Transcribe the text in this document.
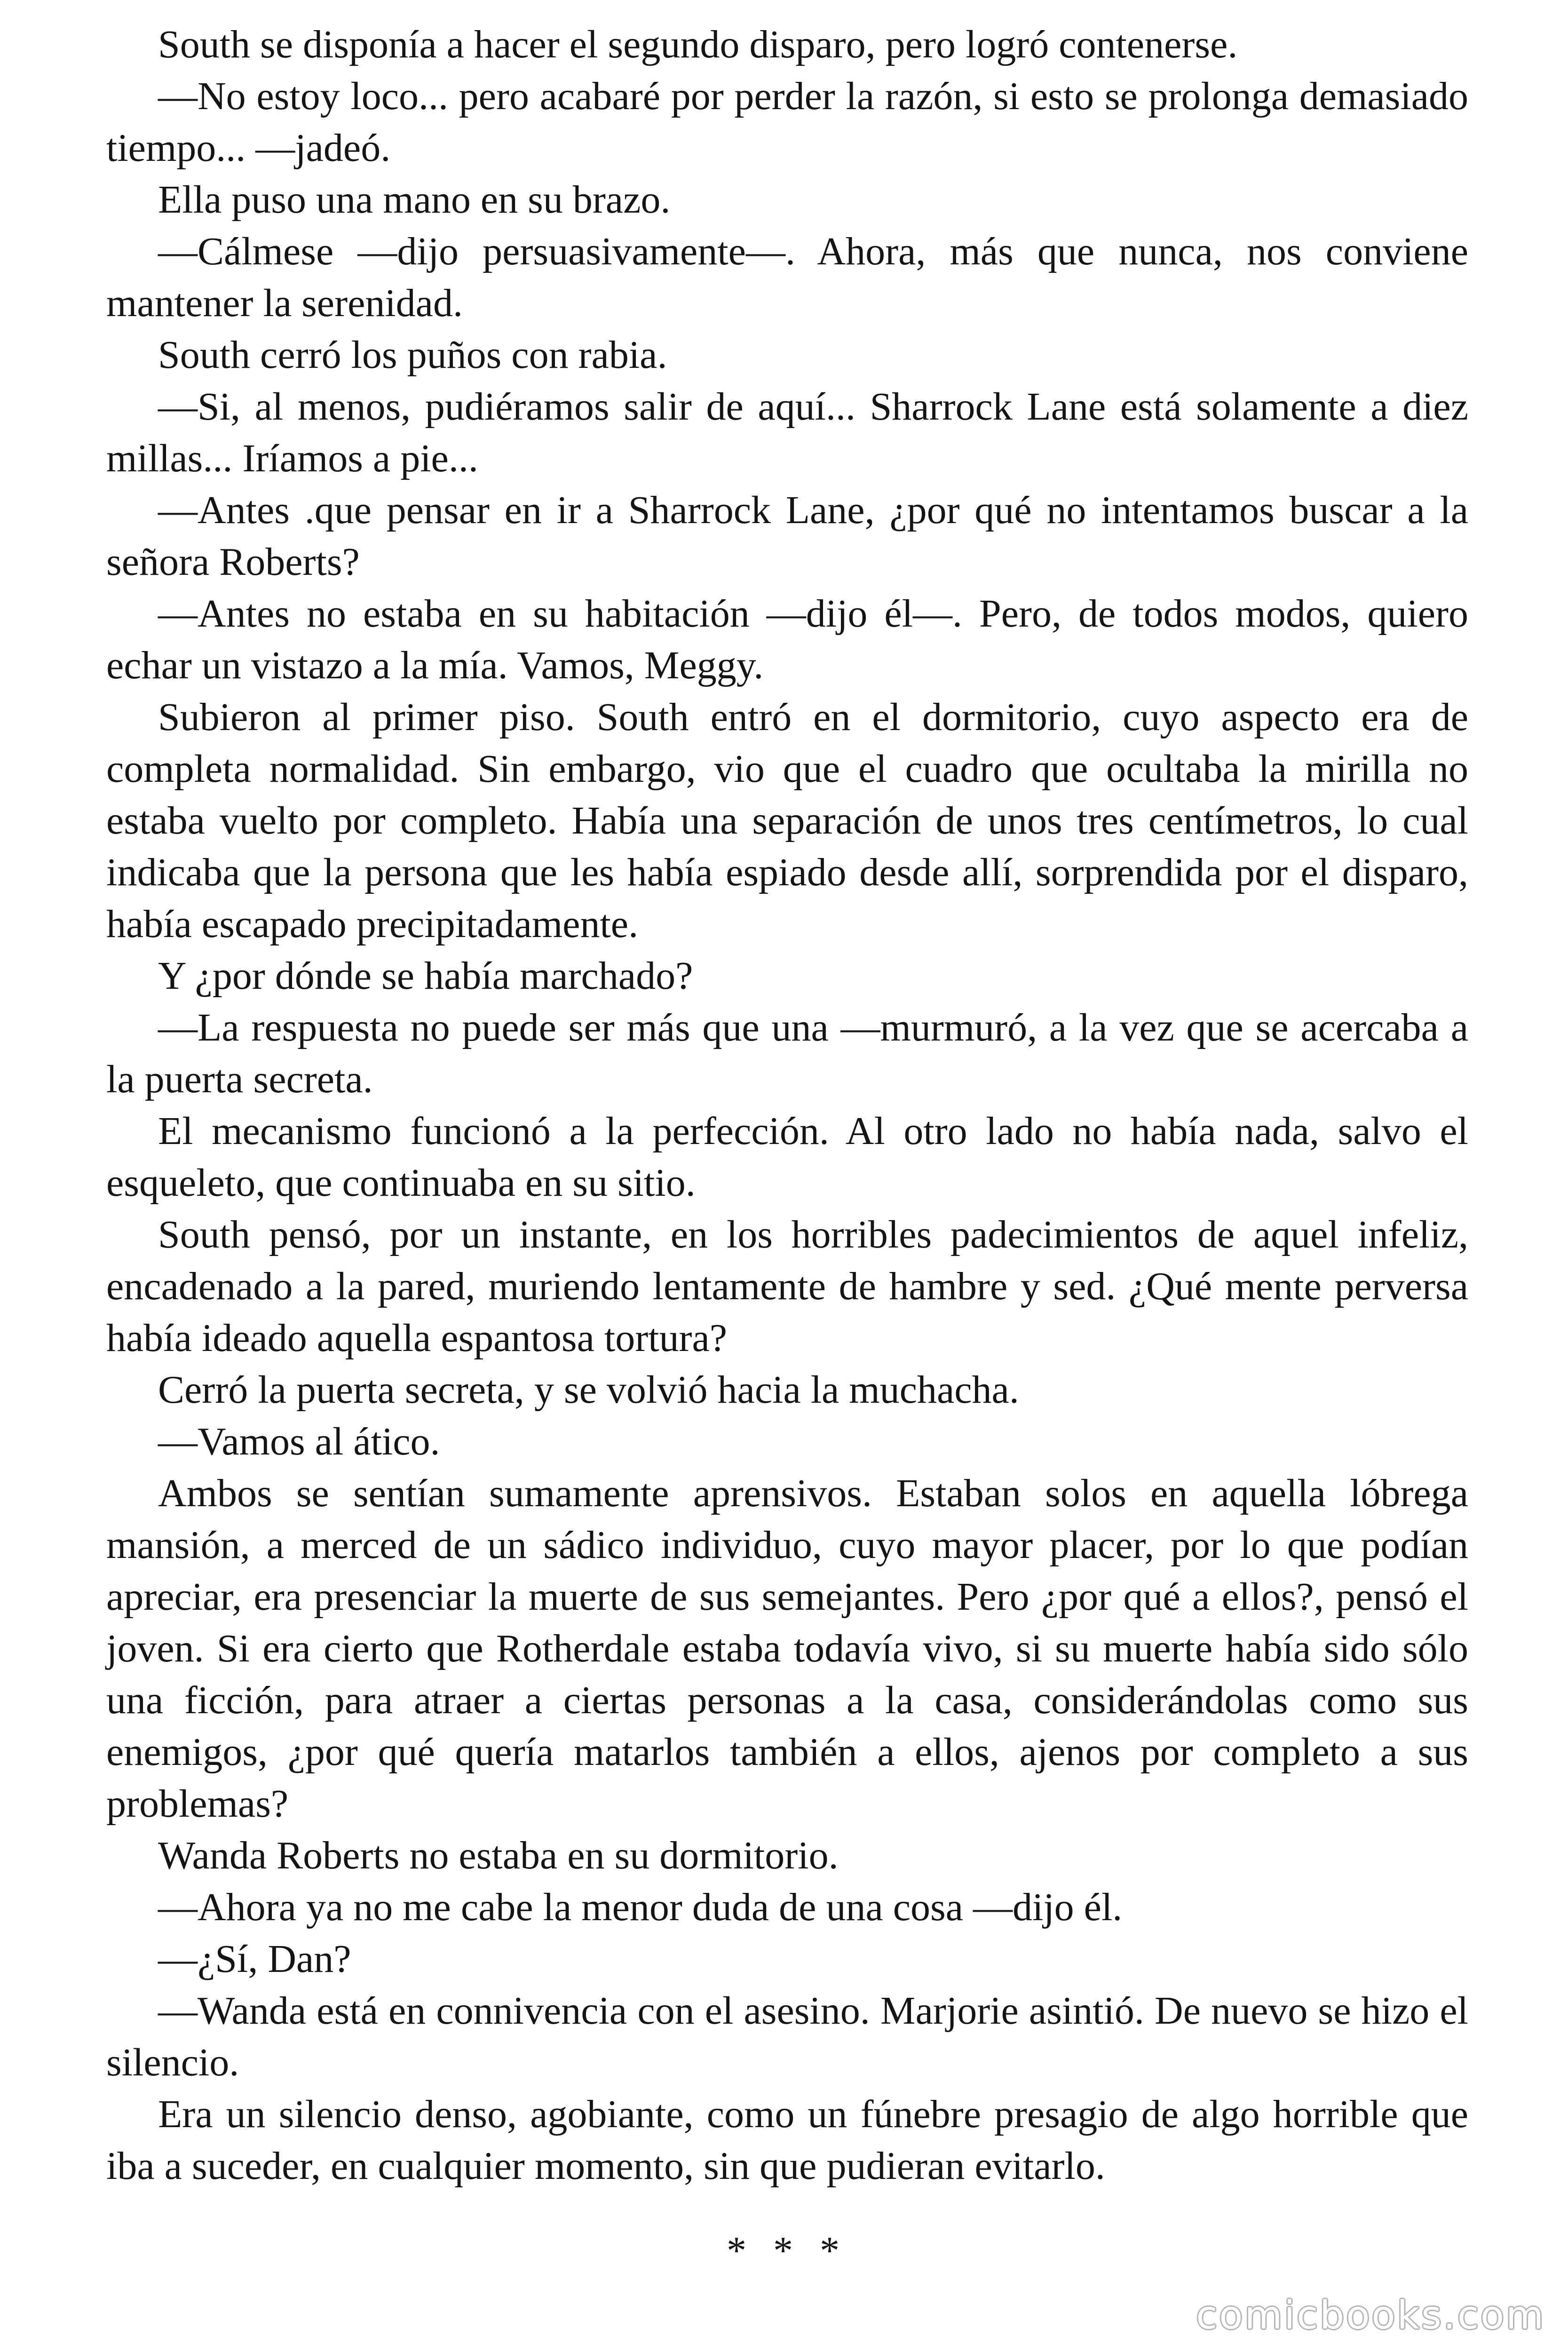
South se disponía a hacer el segundo disparo, pero logró contenerse.

—No estoy loco... pero acabaré por perder la razón, si esto se prolonga demasiado tiempo... —jadeó.

Ella puso una mano en su brazo.

—Cálmese —dijo persuasivamente—. Ahora, más que nunca, nos conviene mantener la serenidad.

South cerró los puños con rabia.

—Si, al menos, pudiéramos salir de aquí... Sharrock Lane está solamente a diez millas... Iríamos a pie...

—Antes .que pensar en ir a Sharrock Lane, ¿por qué no intentamos buscar a la señora Roberts?

—Antes no estaba en su habitación —dijo él—. Pero, de todos modos, quiero echar un vistazo a la mía. Vamos, Meggy.

Subieron al primer piso. South entró en el dormitorio, cuyo aspecto era de completa normalidad. Sin embargo, vio que el cuadro que ocultaba la mirilla no estaba vuelto por completo. Había una separación de unos tres centímetros, lo cual indicaba que la persona que les había espiado desde allí, sorprendida por el disparo, había escapado precipitadamente.

Y ¿por dónde se había marchado?

—La respuesta no puede ser más que una —murmuró, a la vez que se acercaba a la puerta secreta.

El mecanismo funcionó a la perfección. Al otro lado no había nada, salvo el esqueleto, que continuaba en su sitio.

South pensó, por un instante, en los horribles padecimientos de aquel infeliz, encadenado a la pared, muriendo lentamente de hambre y sed. ¿Qué mente perversa había ideado aquella espantosa tortura?

Cerró la puerta secreta, y se volvió hacia la muchacha.

—Vamos al ático.

Ambos se sentían sumamente aprensivos. Estaban solos en aquella lóbrega mansión, a merced de un sádico individuo, cuyo mayor placer, por lo que podían apreciar, era presenciar la muerte de sus semejantes. Pero ¿por qué a ellos?, pensó el joven. Si era cierto que Rotherdale estaba todavía vivo, si su muerte había sido sólo una ficción, para atraer a ciertas personas a la casa, considerándolas como sus enemigos, ¿por qué quería matarlos también a ellos, ajenos por completo a sus problemas?

Wanda Roberts no estaba en su dormitorio.

—Ahora ya no me cabe la menor duda de una cosa —dijo él.

—¿Sí, Dan?

—Wanda está en connivencia con el asesino. Marjorie asintió. De nuevo se hizo el silencio.

Era un silencio denso, agobiante, como un fúnebre presagio de algo horrible que iba a suceder, en cualquier momento, sin que pudieran evitarlo.

* * *
comicbooks.com
